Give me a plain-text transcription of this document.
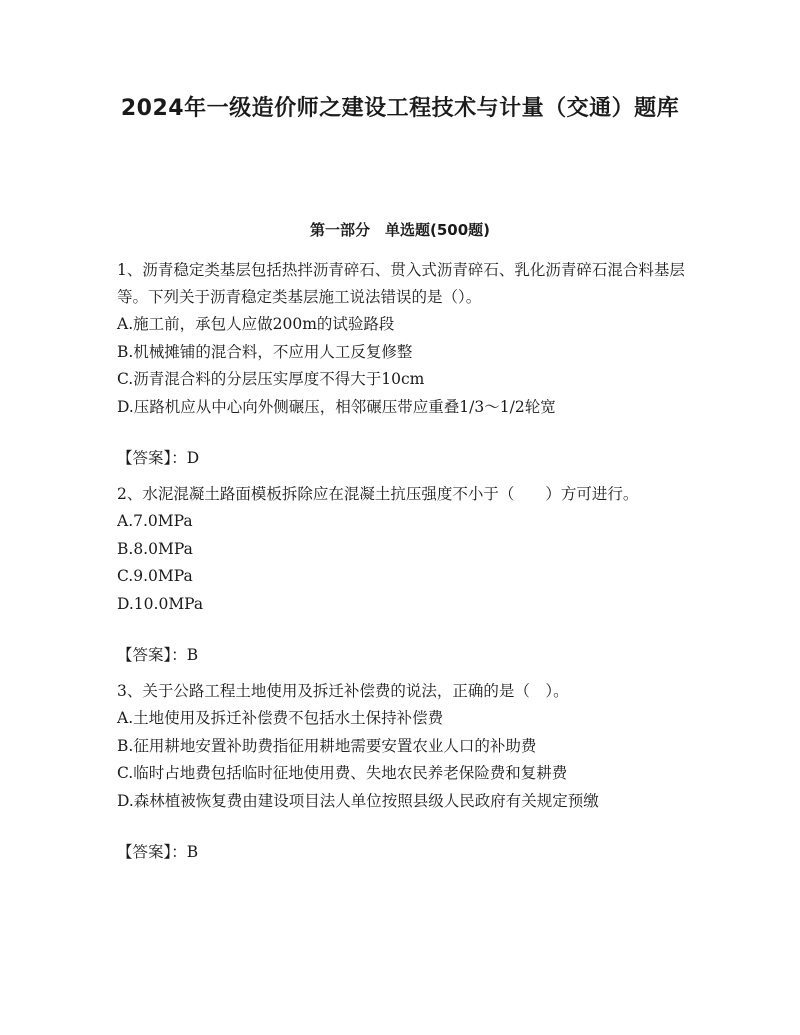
2024年一级造价师之建设工程技术与计量（交通）题库
第一部分　单选题(500题)

1、沥青稳定类基层包括热拌沥青碎石、贯入式沥青碎石、乳化沥青碎石混合料基层等。下列关于沥青稳定类基层施工说法错误的是（）。

A.施工前，承包人应做200m的试验路段

B.机械摊铺的混合料，不应用人工反复修整

C.沥青混合料的分层压实厚度不得大于10cm

D.压路机应从中心向外侧碾压，相邻碾压带应重叠1/3～1/2轮宽

【答案】：D

2、水泥混凝土路面模板拆除应在混凝土抗压强度不小于（　　）方可进行。

A.7.0MPa

B.8.0MPa

C.9.0MPa

D.10.0MPa

【答案】：B

3、关于公路工程土地使用及拆迁补偿费的说法，正确的是（　）。

A.土地使用及拆迁补偿费不包括水土保持补偿费

B.征用耕地安置补助费指征用耕地需要安置农业人口的补助费

C.临时占地费包括临时征地使用费、失地农民养老保险费和复耕费

D.森林植被恢复费由建设项目法人单位按照县级人民政府有关规定预缴

【答案】：B
